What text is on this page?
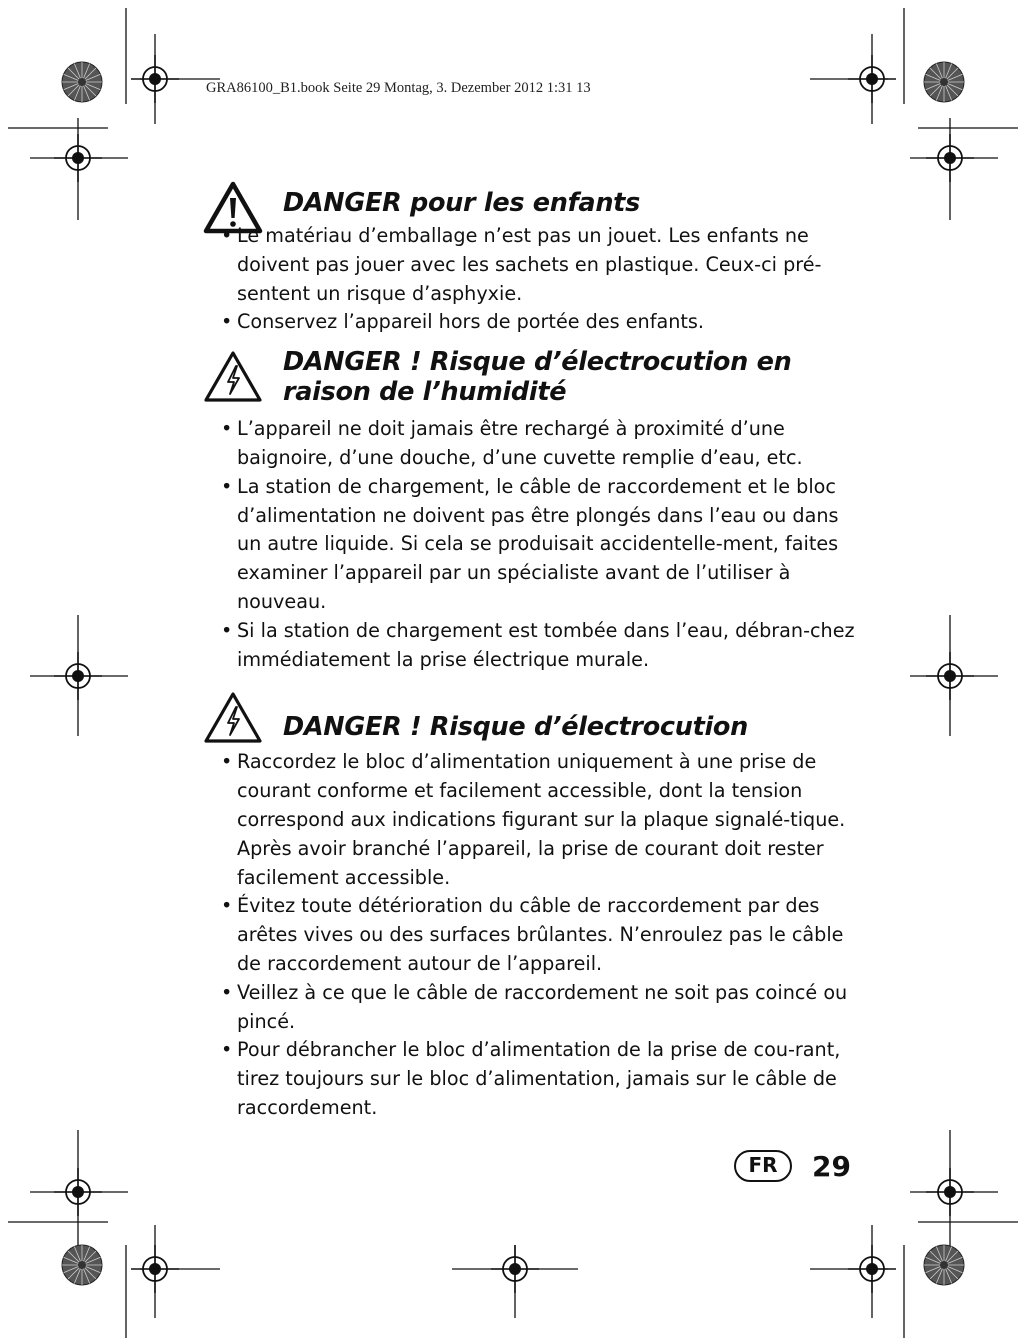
GRA86100_B1.book Seite 29 Montag, 3. Dezember 2012 1:31 13
DANGER pour les enfants
• Le matériau d’emballage n’est pas un jouet. Les enfants ne doivent pas jouer avec les sachets en plastique. Ceux-ci pré-sentent un risque d’asphyxie.
• Conservez l’appareil hors de portée des enfants.
DANGER ! Risque d’électrocution en raison de l’humidité
• L’appareil ne doit jamais être rechargé à proximité d’une baignoire, d’une douche, d’une cuvette remplie d’eau, etc.
• La station de chargement, le câble de raccordement et le bloc d’alimentation ne doivent pas être plongés dans l’eau ou dans un autre liquide. Si cela se produisait accidentelle-ment, faites examiner l’appareil par un spécialiste avant de l’utiliser à nouveau.
• Si la station de chargement est tombée dans l’eau, débran-chez immédiatement la prise électrique murale.
DANGER ! Risque d’électrocution
• Raccordez le bloc d’alimentation uniquement à une prise de courant conforme et facilement accessible, dont la tension correspond aux indications figurant sur la plaque signalé-tique. Après avoir branché l’appareil, la prise de courant doit rester facilement accessible.
• Évitez toute détérioration du câble de raccordement par des arêtes vives ou des surfaces brûlantes. N’enroulez pas le câble de raccordement autour de l’appareil.
• Veillez à ce que le câble de raccordement ne soit pas coincé ou pincé.
• Pour débrancher le bloc d’alimentation de la prise de cou-rant, tirez toujours sur le bloc d’alimentation, jamais sur le câble de raccordement.
FR	29
